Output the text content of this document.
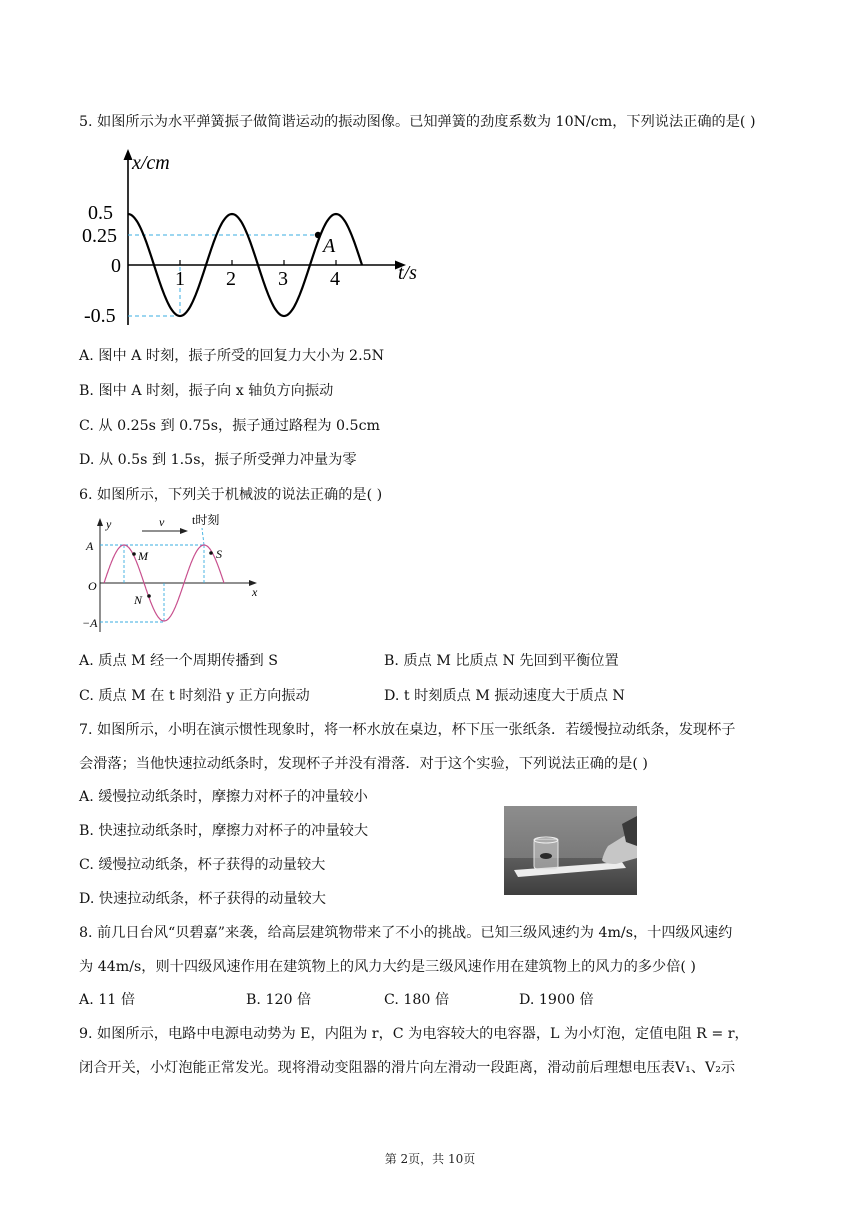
5. 如图所示为水平弹簧振子做简谐运动的振动图像。已知弹簧的劲度系数为 10N/cm，下列说法正确的是( )
x/cm
t/s
0.5
0.25
0
-0.5
1 2 3 4
A
A. 图中 A 时刻，振子所受的回复力大小为 2.5N
B. 图中 A 时刻，振子向 x 轴负方向振动
C. 从 0.25s 到 0.75s，振子通过路程为 0.5cm
D. 从 0.5s 到 1.5s，振子所受弹力冲量为零
6. 如图所示，下列关于机械波的说法正确的是( )
y
x
v t时刻
A
−A
O
M
N
S
A. 质点 M 经一个周期传播到 S	B. 质点 M 比质点 N 先回到平衡位置
C. 质点 M 在 t 时刻沿 y 正方向振动	D. t 时刻质点 M 振动速度大于质点 N
7. 如图所示，小明在演示惯性现象时，将一杯水放在桌边，杯下压一张纸条．若缓慢拉动纸条，发现杯子
会滑落；当他快速拉动纸条时，发现杯子并没有滑落．对于这个实验，下列说法正确的是( )
A. 缓慢拉动纸条时，摩擦力对杯子的冲量较小
B. 快速拉动纸条时，摩擦力对杯子的冲量较大
C. 缓慢拉动纸条，杯子获得的动量较大
D. 快速拉动纸条，杯子获得的动量较大
8. 前几日台风“贝碧嘉”来袭，给高层建筑物带来了不小的挑战。已知三级风速约为 4m/s，十四级风速约
为 44m/s，则十四级风速作用在建筑物上的风力大约是三级风速作用在建筑物上的风力的多少倍( )
A. 11 倍	B. 120 倍	C. 180 倍	D. 1900 倍
9. 如图所示，电路中电源电动势为 E，内阻为 r，C 为电容较大的电容器，L 为小灯泡，定值电阻 R = r，
闭合开关，小灯泡能正常发光。现将滑动变阻器的滑片向左滑动一段距离，滑动前后理想电压表V₁、V₂示
第 2页，共 10页
